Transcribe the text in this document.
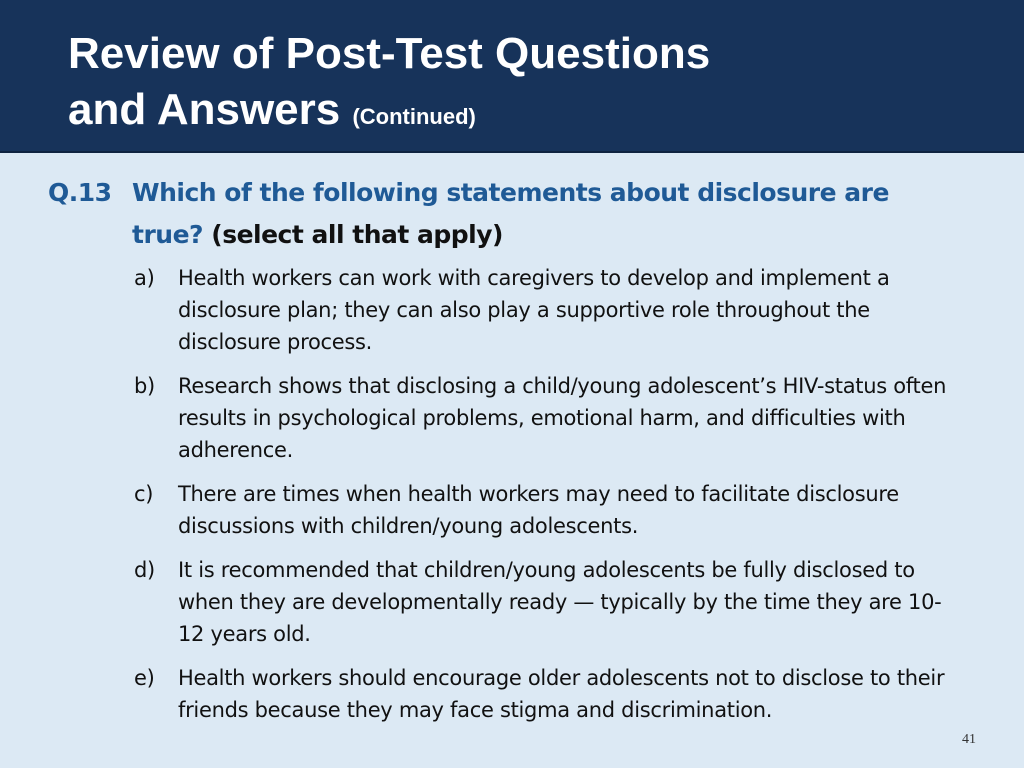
Review of Post-Test Questions
and Answers (Continued)
Q.13 Which of the following statements about disclosure are true? (select all that apply)
a) Health workers can work with caregivers to develop and implement a disclosure plan; they can also play a supportive role throughout the disclosure process.
b) Research shows that disclosing a child/young adolescent’s HIV-status often results in psychological problems, emotional harm, and difficulties with adherence.
c) There are times when health workers may need to facilitate disclosure discussions with children/young adolescents.
d) It is recommended that children/young adolescents be fully disclosed to when they are developmentally ready — typically by the time they are 10-12 years old.
e) Health workers should encourage older adolescents not to disclose to their friends because they may face stigma and discrimination.
41
